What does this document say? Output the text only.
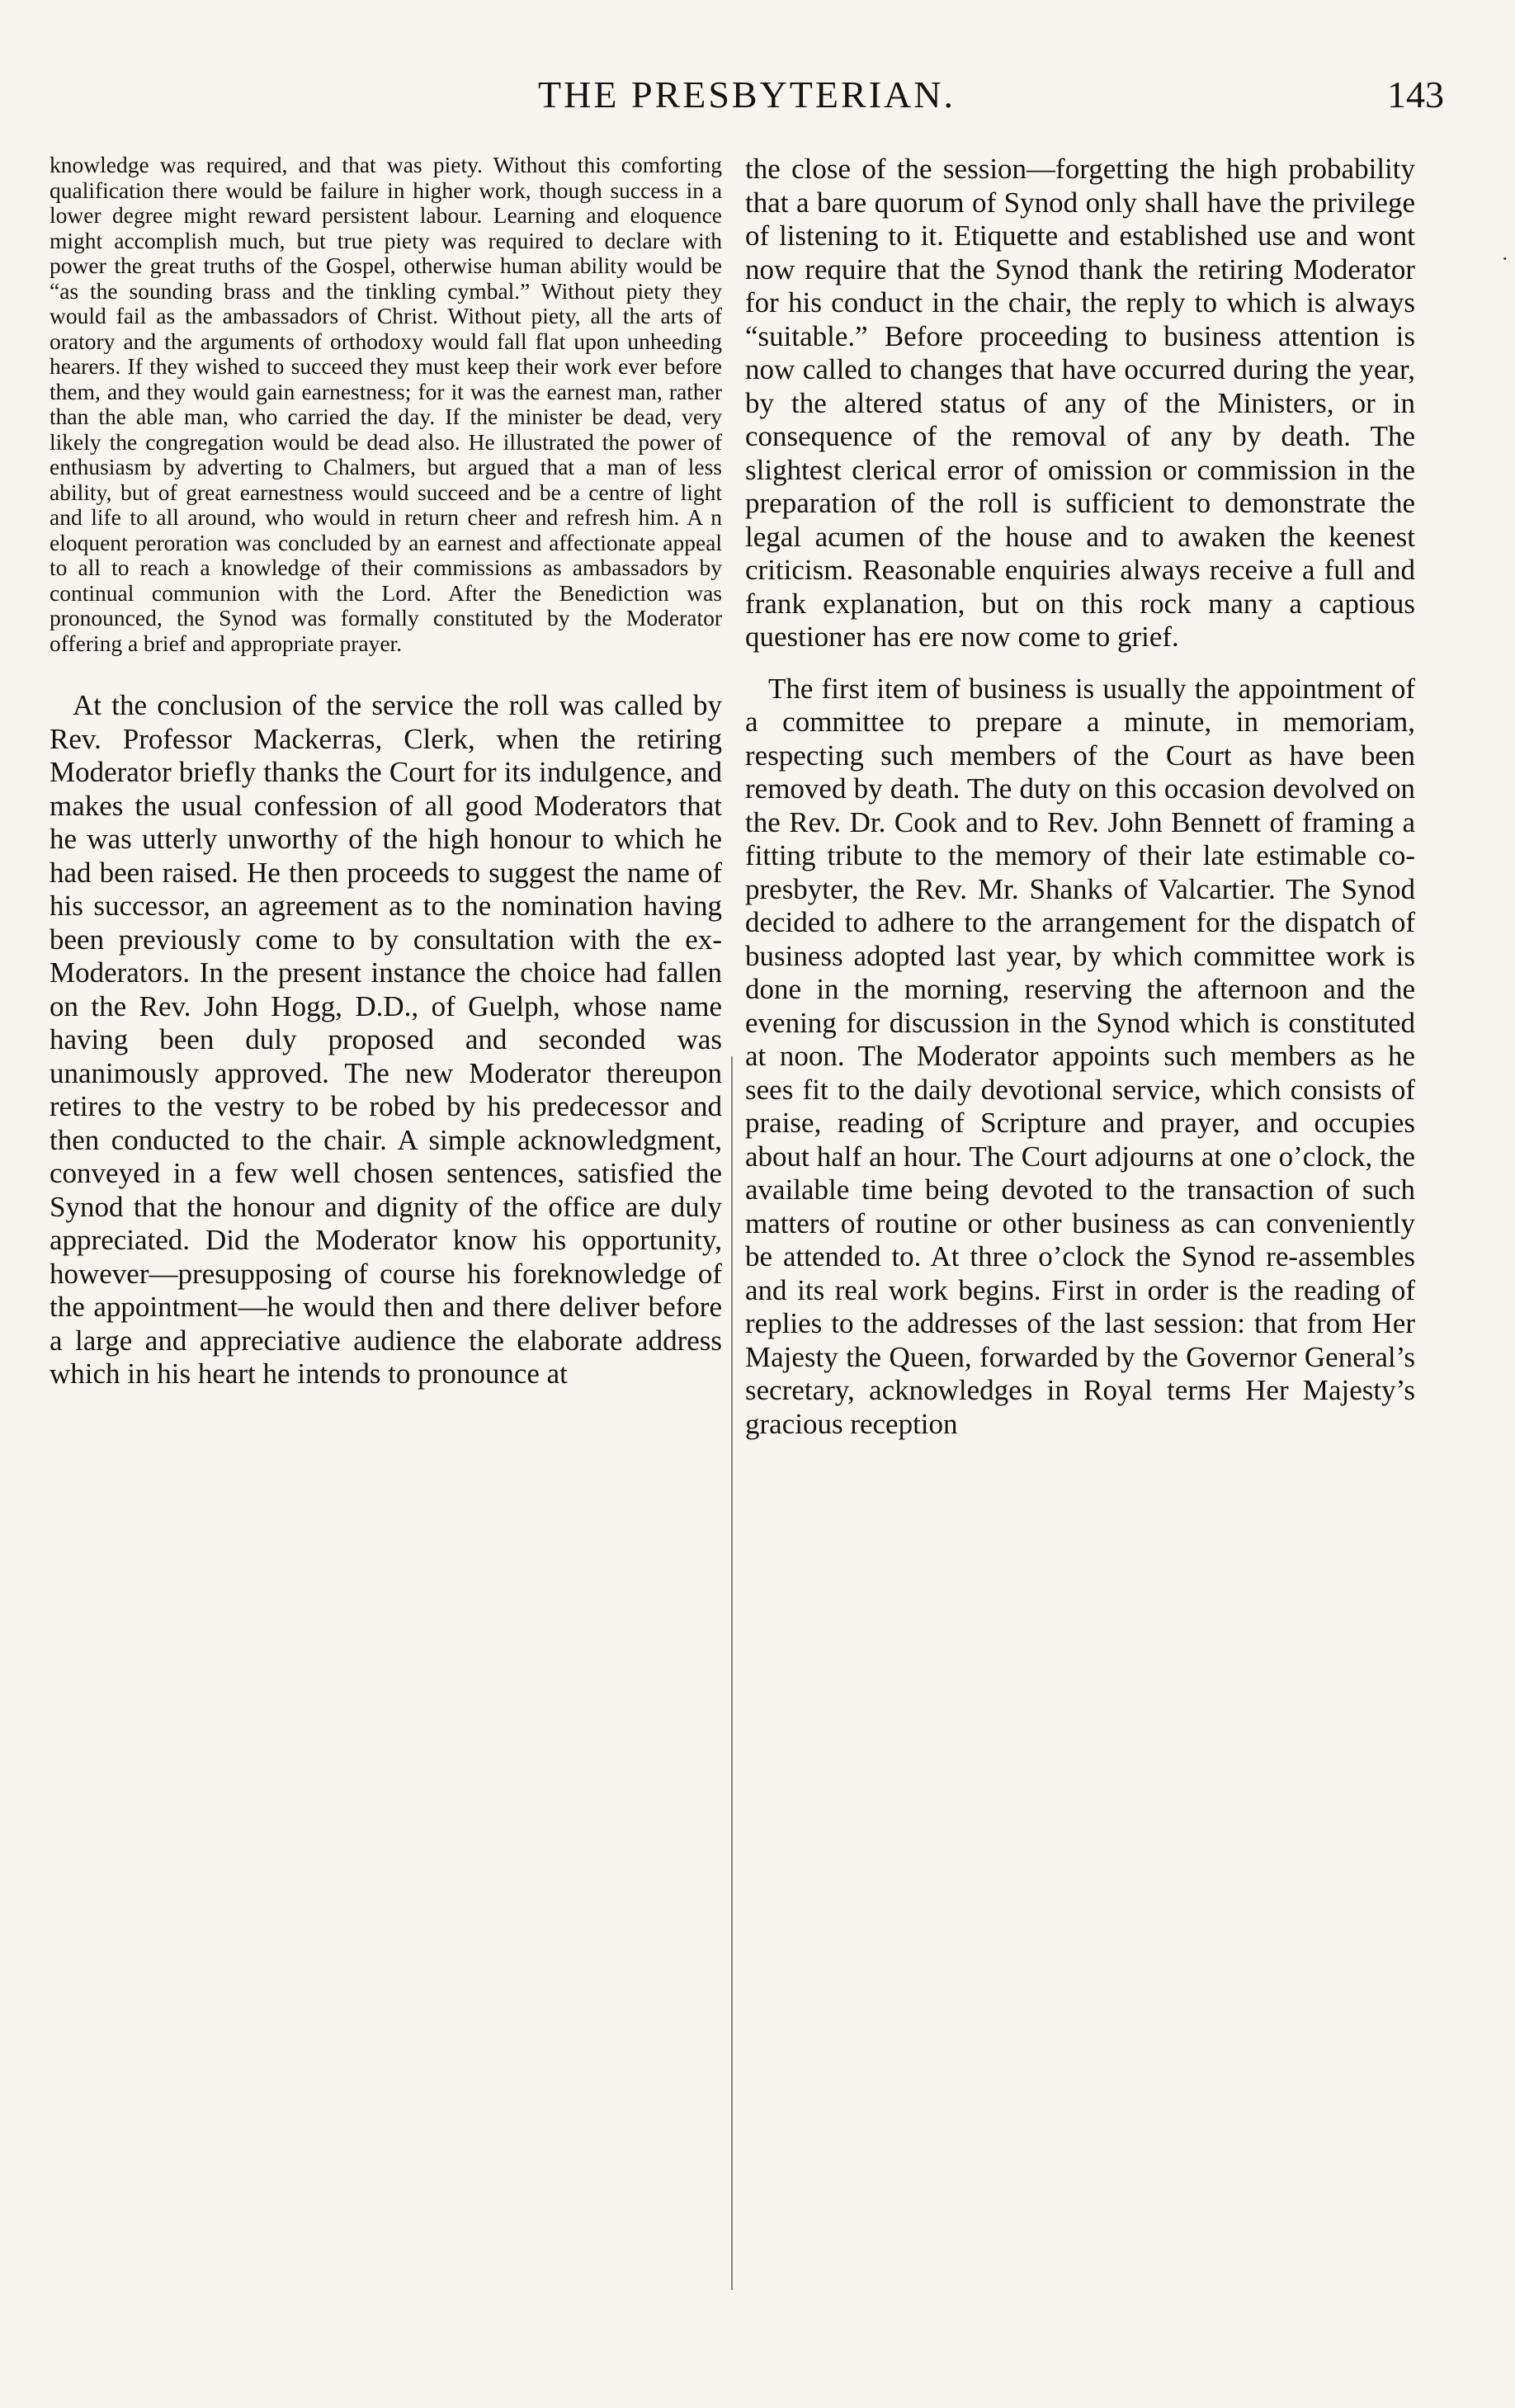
THE PRESBYTERIAN.	143

knowledge was required, and that was piety. Without this comforting qualification there would be failure in higher work, though success in a lower degree might reward persistent labour. Learning and eloquence might accomplish much, but true piety was required to declare with power the great truths of the Gospel, otherwise human ability would be “as the sounding brass and the tinkling cymbal.” Without piety they would fail as the ambassadors of Christ. Without piety, all the arts of oratory and the arguments of orthodoxy would fall flat upon unheeding hearers. If they wished to succeed they must keep their work ever before them, and they would gain earnestness; for it was the earnest man, rather than the able man, who carried the day. If the minister be dead, very likely the congregation would be dead also. He illustrated the power of enthusiasm by adverting to Chalmers, but argued that a man of less ability, but of great earnestness would succeed and be a centre of light and life to all around, who would in return cheer and refresh him. A n eloquent peroration was concluded by an earnest and affectionate appeal to all to reach a knowledge of their commissions as ambassadors by continual communion with the Lord. After the Benediction was pronounced, the Synod was formally constituted by the Moderator offering a brief and appropriate prayer.

At the conclusion of the service the roll was called by Rev. Professor Mackerras, Clerk, when the retiring Moderator briefly thanks the Court for its indulgence, and makes the usual confession of all good Moderators that he was utterly unworthy of the high honour to which he had been raised. He then proceeds to suggest the name of his successor, an agreement as to the nomination having been previously come to by consultation with the ex-Moderators. In the present instance the choice had fallen on the Rev. John Hogg, D.D., of Guelph, whose name having been duly proposed and seconded was unanimously approved. The new Moderator thereupon retires to the vestry to be robed by his predecessor and then conducted to the chair. A simple acknowledgment, conveyed in a few well chosen sentences, satisfied the Synod that the honour and dignity of the office are duly appreciated. Did the Moderator know his opportunity, however—presupposing of course his foreknowledge of the appointment—he would then and there deliver before a large and appreciative audience the elaborate address which in his heart he intends to pronounce at

the close of the session—forgetting the high probability that a bare quorum of Synod only shall have the privilege of listening to it. Etiquette and established use and wont now require that the Synod thank the retiring Moderator for his conduct in the chair, the reply to which is always “suitable.” Before proceeding to business attention is now called to changes that have occurred during the year, by the altered status of any of the Ministers, or in consequence of the removal of any by death. The slightest clerical error of omission or commission in the preparation of the roll is sufficient to demonstrate the legal acumen of the house and to awaken the keenest criticism. Reasonable enquiries always receive a full and frank explanation, but on this rock many a captious questioner has ere now come to grief.

The first item of business is usually the appointment of a committee to prepare a minute, in memoriam, respecting such members of the Court as have been removed by death. The duty on this occasion devolved on the Rev. Dr. Cook and to Rev. John Bennett of framing a fitting tribute to the memory of their late estimable co-presbyter, the Rev. Mr. Shanks of Valcartier. The Synod decided to adhere to the arrangement for the dispatch of business adopted last year, by which committee work is done in the morning, reserving the afternoon and the evening for discussion in the Synod which is constituted at noon. The Moderator appoints such members as he sees fit to the daily devotional service, which consists of praise, reading of Scripture and prayer, and occupies about half an hour. The Court adjourns at one o’clock, the available time being devoted to the transaction of such matters of routine or other business as can conveniently be attended to. At three o’clock the Synod re-assembles and its real work begins. First in order is the reading of replies to the addresses of the last session: that from Her Majesty the Queen, forwarded by the Governor General’s secretary, acknowledges in Royal terms Her Majesty’s gracious reception

·
